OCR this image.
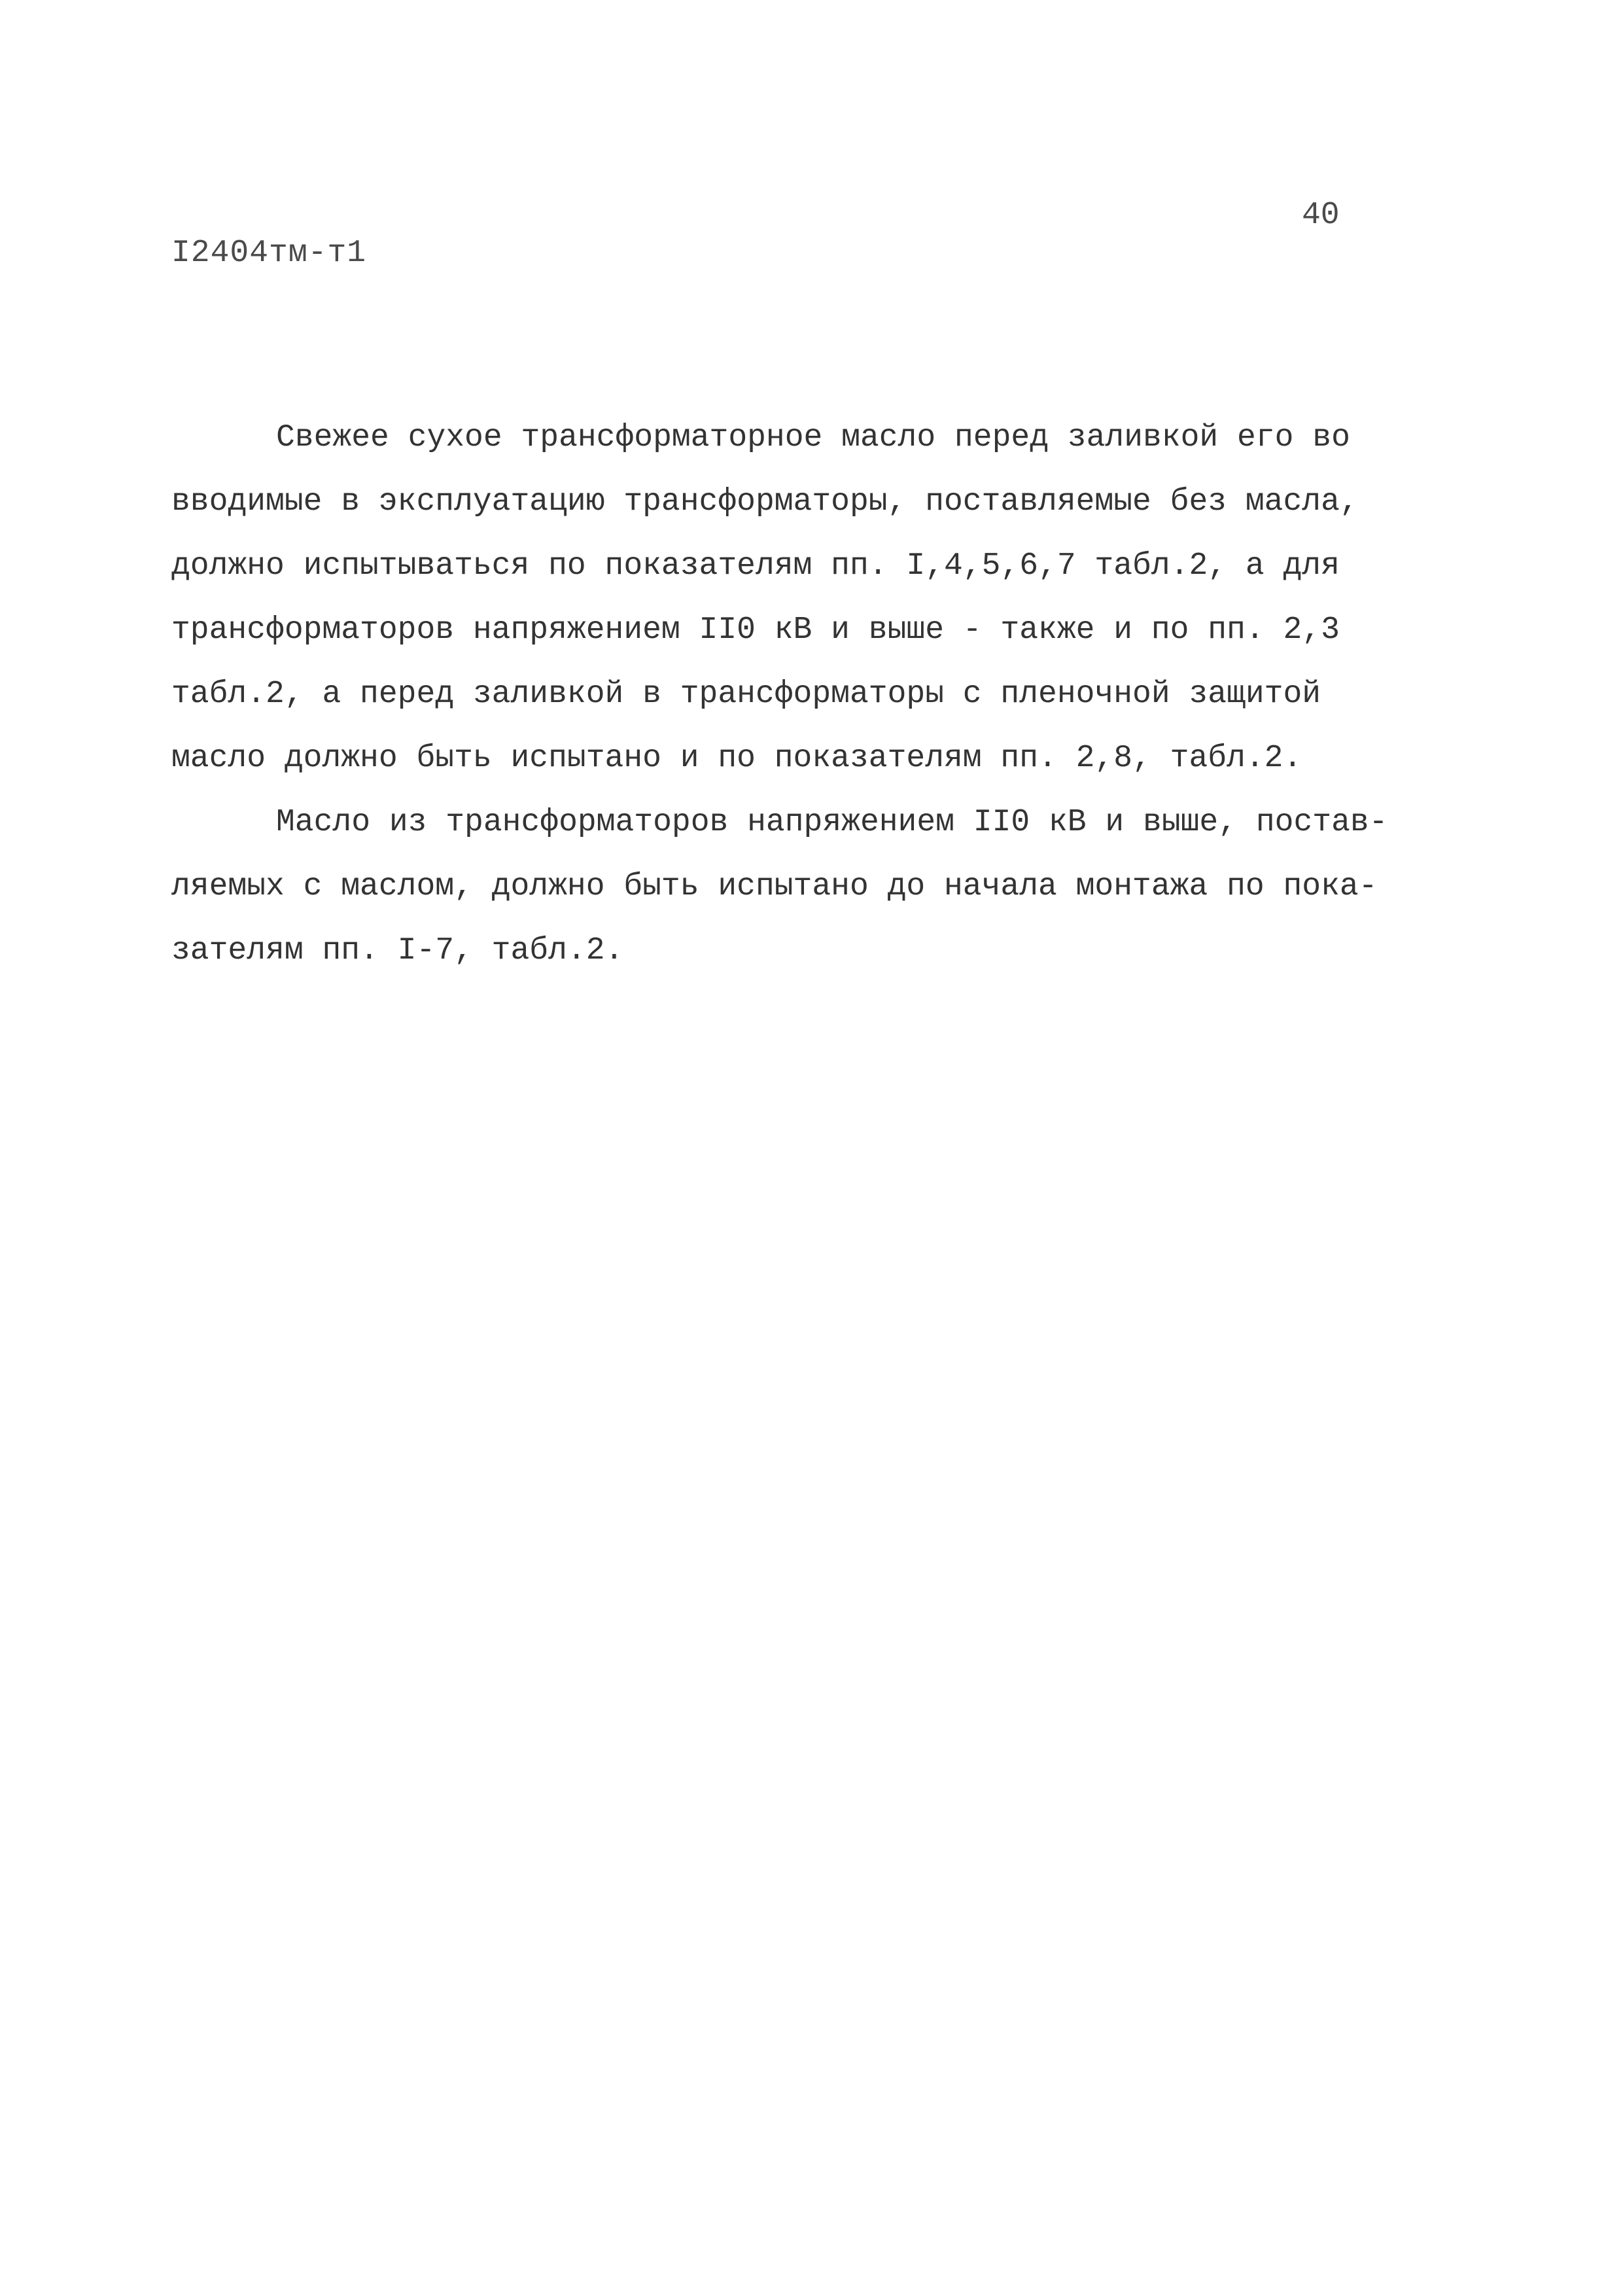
I2404тм-т1
40
Свежее сухое трансформаторное масло перед заливкой его во
вводимые в эксплуатацию трансформаторы, поставляемые без масла,
должно испытываться по показателям пп. I,4,5,6,7 табл.2, а для
трансформаторов напряжением II0 кВ и выше - также и по пп. 2,3
табл.2, а перед заливкой в трансформаторы с пленочной защитой
масло должно быть испытано и по показателям пп. 2,8, табл.2.
Масло из трансформаторов напряжением II0 кВ и выше, постав-
ляемых с маслом, должно быть испытано до начала монтажа по пока-
зателям пп. I-7, табл.2.
